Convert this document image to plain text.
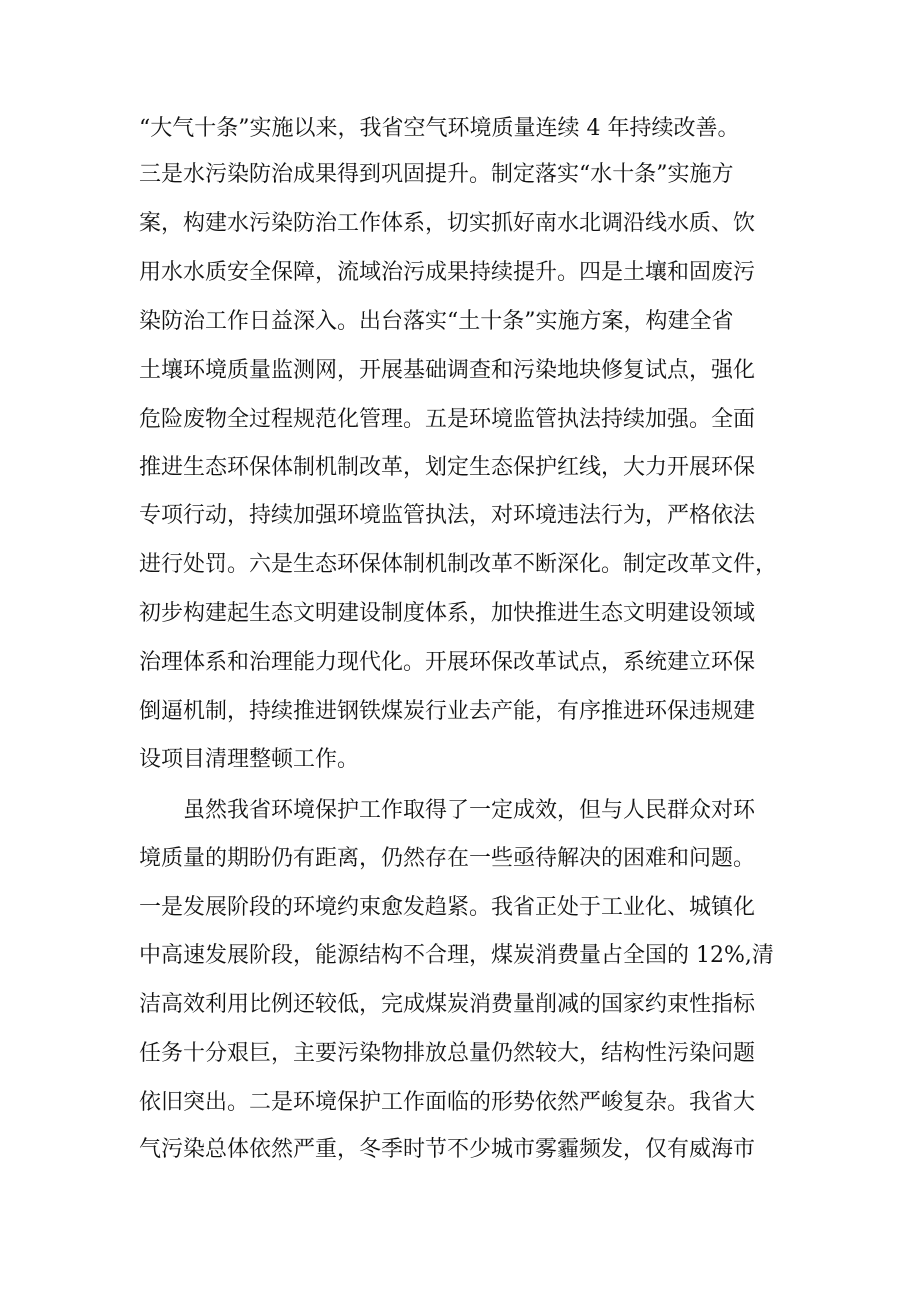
“大气十条”实施以来，我省空气环境质量连续 4 年持续改善。

三是水污染防治成果得到巩固提升。制定落实“水十条”实施方

案，构建水污染防治工作体系，切实抓好南水北调沿线水质、饮

用水水质安全保障，流域治污成果持续提升。四是土壤和固废污

染防治工作日益深入。出台落实“土十条”实施方案，构建全省

土壤环境质量监测网，开展基础调查和污染地块修复试点，强化

危险废物全过程规范化管理。五是环境监管执法持续加强。全面

推进生态环保体制机制改革，划定生态保护红线，大力开展环保

专项行动，持续加强环境监管执法，对环境违法行为，严格依法

进行处罚。六是生态环保体制机制改革不断深化。制定改革文件，

初步构建起生态文明建设制度体系，加快推进生态文明建设领域

治理体系和治理能力现代化。开展环保改革试点，系统建立环保

倒逼机制，持续推进钢铁煤炭行业去产能，有序推进环保违规建

设项目清理整顿工作。

虽然我省环境保护工作取得了一定成效，但与人民群众对环

境质量的期盼仍有距离，仍然存在一些亟待解决的困难和问题。

一是发展阶段的环境约束愈发趋紧。我省正处于工业化、城镇化

中高速发展阶段，能源结构不合理，煤炭消费量占全国的 12%,清

洁高效利用比例还较低，完成煤炭消费量削减的国家约束性指标

任务十分艰巨，主要污染物排放总量仍然较大，结构性污染问题

依旧突出。二是环境保护工作面临的形势依然严峻复杂。我省大

气污染总体依然严重，冬季时节不少城市雾霾频发，仅有威海市
